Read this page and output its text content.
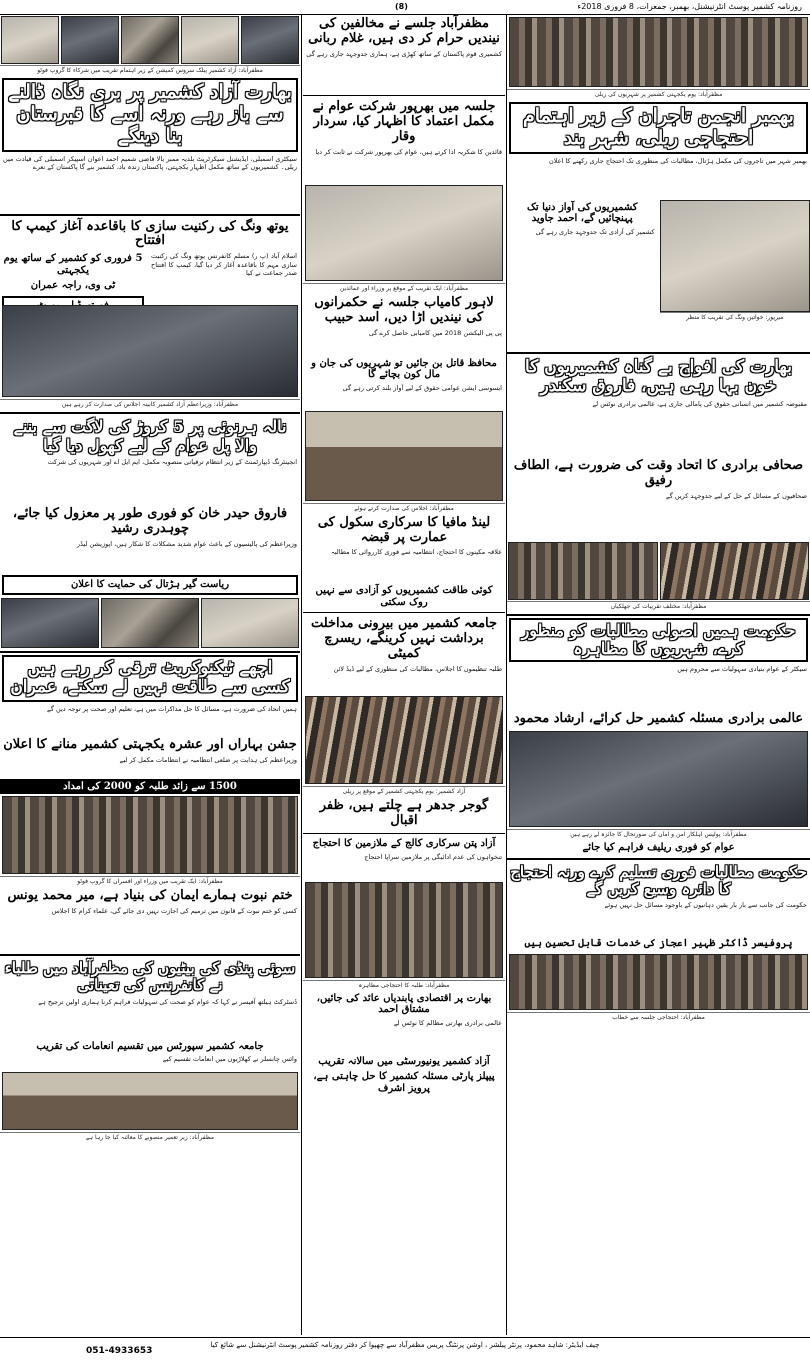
روزنامہ کشمیر پوسٹ انٹرنیشنل، بھمبر، جمعرات، 8 فروری 2018ء
(8)
مظفرآباد: آزاد کشمیر پبلک سروس کمیشن کے زیر اہتمام تقریب میں شرکاء کا گروپ فوٹو
بھارت آزاد کشمیر پر بری نگاہ ڈالنے سے باز رہے ورنہ اسے کا قبرستان بنا دینگے
سیکٹری اسمبلی، ایڈیشنل سیکرٹریٹ بلدیہ ممبر بالا قاضی شمیم احمد اعوان اسپیکر اسمبلی کی قیادت میں ریلی۔ کشمیریوں کے ساتھ مکمل اظہار یکجہتی، پاکستان زندہ باد، کشمیر بنے گا پاکستان کے نعرے
یوتھ ونگ کی رکنیت سازی کا باقاعدہ آغاز کیمپ کا افتتاح
اسلام آباد (پ ر) مسلم کانفرنس یوتھ ونگ کی رکنیت سازی مہم کا باقاعدہ آغاز کر دیا گیا، کیمپ کا افتتاح صدر جماعت نے کیا
5 فروری کو کشمیر کے ساتھ یوم یکجہتی
ٹی وی، راجہ عمران
مظفرآباد: وزیراعظم آزاد کشمیر کابینہ اجلاس کی صدارت کر رہے ہیں
نالہ ہرنوئی پر 5 کروڑ کی لاگت سے بننے والا پل عوام کے لیے کھول دیا گیا
انجینئرنگ ڈیپارٹمنٹ کے زیر انتظام ترقیاتی منصوبہ مکمل، ایم ایل اے اور شہریوں کی شرکت
فاروق حیدر خان کو فوری طور پر معزول کیا جائے، چوہدری رشید
وزیراعظم کی پالیسیوں کے باعث عوام شدید مشکلات کا شکار ہیں، اپوزیشن لیڈر
ریاست گیر ہڑتال کی حمایت کا اعلان
اچھے ٹیکنوکریٹ ترقی کر رہے ہیں کسی سے طاقت نہیں لے سکتے، عمران
ہمیں اتحاد کی ضرورت ہے، مسائل کا حل مذاکرات میں ہے، تعلیم اور صحت پر توجہ دیں گے
جشن بہاراں اور عشرہ یکجہتی کشمیر منانے کا اعلان
وزیراعظم کی ہدایت پر ضلعی انتظامیہ نے انتظامات مکمل کر لیے
1500 سے زائد طلبہ کو 2000 کی امداد
مظفرآباد: ایک تقریب میں وزراء اور افسران کا گروپ فوٹو
ختم نبوت ہمارے ایمان کی بنیاد ہے، میر محمد یونس
کسی کو ختم نبوت کے قانون میں ترمیم کی اجازت نہیں دی جائے گی، علماء کرام کا اجلاس
سوئی پنڈی کی بیٹیوں کی مظفرآباد میں طلباء نے کانفرنس کی تعیناتی
ڈسٹرکٹ ہیلتھ آفیسر نے کہا کہ عوام کو صحت کی سہولیات فراہم کرنا ہماری اولین ترجیح ہے
جامعہ کشمیر سپورٹس میں تقسیم انعامات کی تقریب
وائس چانسلر نے کھلاڑیوں میں انعامات تقسیم کیے
مظفرآباد: زیر تعمیر منصوبے کا معائنہ کیا جا رہا ہے
مظفرآباد جلسے نے مخالفین کی نیندیں حرام کر دی ہیں، غلام ربانی
کشمیری قوم پاکستان کے ساتھ کھڑی ہے، ہماری جدوجہد جاری رہے گی
جلسہ میں بھرپور شرکت عوام نے مکمل اعتماد کا اظہار کیا، سردار وقار
قائدین کا شکریہ ادا کرتے ہیں، عوام کی بھرپور شرکت نے ثابت کر دیا
مظفرآباد: ایک تقریب کے موقع پر وزراء اور عمائدین
لاہور کامیاب جلسہ نے حکمرانوں کی نیندیں اڑا دیں، اسد حبیب
پی پی الیکشن 2018 میں کامیابی حاصل کرے گی
محافظ قاتل بن جائیں تو شہریوں کی جان و مال کون بچائے گا
ایسوسی ایشن عوامی حقوق کے لیے آواز بلند کرتی رہے گی
مظفرآباد: اجلاس کی صدارت کرتے ہوئے
لینڈ مافیا کا سرکاری سکول کی عمارت پر قبضہ
علاقہ مکینوں کا احتجاج، انتظامیہ سے فوری کارروائی کا مطالبہ
کوئی طاقت کشمیریوں کو آزادی سے نہیں روک سکتی
جامعہ کشمیر میں بیرونی مداخلت برداشت نہیں کرینگے، ریسرچ کمیٹی
طلبہ تنظیموں کا اجلاس، مطالبات کی منظوری کے لیے ڈیڈ لائن
آزاد کشمیر: یوم یکجہتی کشمیر کے موقع پر ریلی
گوجر جدھر ہے چلتے ہیں، ظفر اقبال
آزاد پتن سرکاری کالج کے ملازمین کا احتجاج
تنخواہوں کی عدم ادائیگی پر ملازمین سراپا احتجاج
مظفرآباد: طلبہ کا احتجاجی مظاہرہ
بھارت پر اقتصادی پابندیاں عائد کی جائیں، مشتاق احمد
عالمی برادری بھارتی مظالم کا نوٹس لے
آزاد کشمیر یونیورسٹی میں سالانہ تقریب
پیپلز پارٹی مسئلہ کشمیر کا حل چاہتی ہے، پرویز اشرف
مظفرآباد: یوم یکجہتی کشمیر پر شہریوں کی ریلی
بھمبر انجمن تاجران کے زیر اہتمام احتجاجی ریلی، شہر بند
بھمبر شہر میں تاجروں کی مکمل ہڑتال، مطالبات کی منظوری تک احتجاج جاری رکھنے کا اعلان
میرپور: خواتین ونگ کی تقریب کا منظر
کشمیریوں کی آواز دنیا تک پہنچائیں گے، احمد جاوید
کشمیر کی آزادی تک جدوجہد جاری رہے گی
بھارت کی افواج بے گناہ کشمیریوں کا خون بہا رہی ہیں، فاروق سکندر
مقبوضہ کشمیر میں انسانی حقوق کی پامالی جاری ہے، عالمی برادری نوٹس لے
صحافی برادری کا اتحاد وقت کی ضرورت ہے، الطاف رفیق
صحافیوں کے مسائل کے حل کے لیے جدوجہد کریں گے
مظفرآباد: مختلف تقریبات کی جھلکیاں
حکومت ہمیں اصولی مطالبات کو منظور کرے، شہریوں کا مظاہرہ
سیکٹر کے عوام بنیادی سہولیات سے محروم ہیں
عالمی برادری مسئلہ کشمیر حل کرائے، ارشاد محمود
مظفرآباد: پولیس اہلکار امن و امان کی صورتحال کا جائزہ لے رہے ہیں
عوام کو فوری ریلیف فراہم کیا جائے
حکومت مطالبات فوری تسلیم کرے ورنہ احتجاج کا دائرہ وسیع کریں گے
حکومت کی جانب سے بار بار یقین دہانیوں کے باوجود مسائل حل نہیں ہوئے
پروفیسر ڈاکٹر ظہیر اعجاز کی خدمات قابل تحسین ہیں
مظفرآباد: احتجاجی جلسہ سے خطاب
چیف ایڈیٹر: شاہد محمود، پرنٹر پبلشر ، اوشن پرنٹنگ پریس مظفرآباد سے چھپوا کر دفتر روزنامہ کشمیر پوسٹ انٹرنیشنل سے شائع کیا
051-4933653
